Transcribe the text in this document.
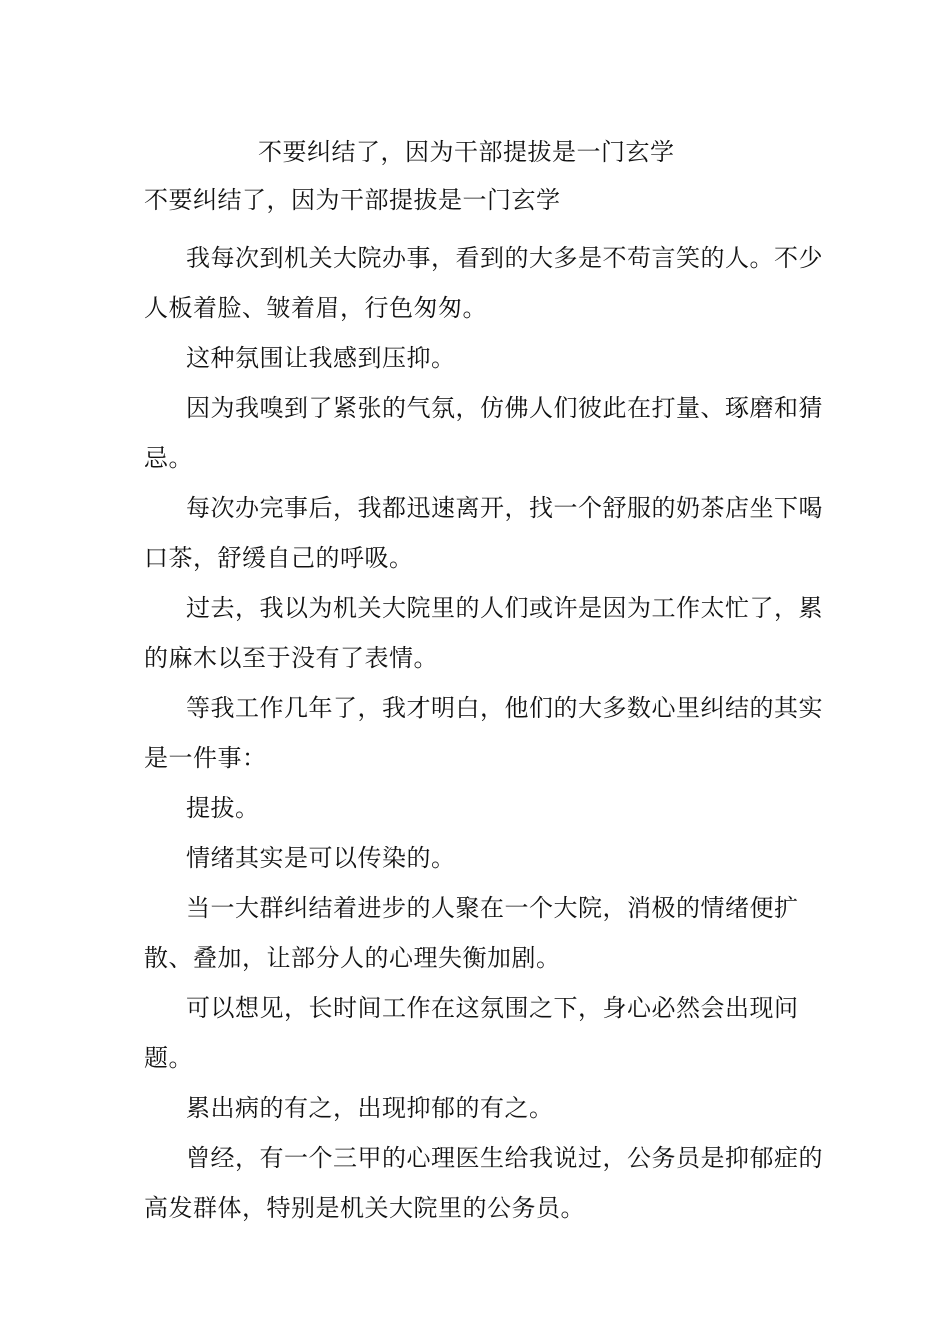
不要纠结了，因为干部提拔是一门玄学
不要纠结了，因为干部提拔是一门玄学

我每次到机关大院办事，看到的大多是不苟言笑的人。不少人板着脸、皱着眉，行色匆匆。

这种氛围让我感到压抑。

因为我嗅到了紧张的气氛，仿佛人们彼此在打量、琢磨和猜忌。

每次办完事后，我都迅速离开，找一个舒服的奶茶店坐下喝口茶，舒缓自己的呼吸。

过去，我以为机关大院里的人们或许是因为工作太忙了，累的麻木以至于没有了表情。

等我工作几年了，我才明白，他们的大多数心里纠结的其实是一件事：

提拔。

情绪其实是可以传染的。

当一大群纠结着进步的人聚在一个大院，消极的情绪便扩散、叠加，让部分人的心理失衡加剧。

可以想见，长时间工作在这氛围之下，身心必然会出现问题。

累出病的有之，出现抑郁的有之。

曾经，有一个三甲的心理医生给我说过，公务员是抑郁症的高发群体，特别是机关大院里的公务员。
